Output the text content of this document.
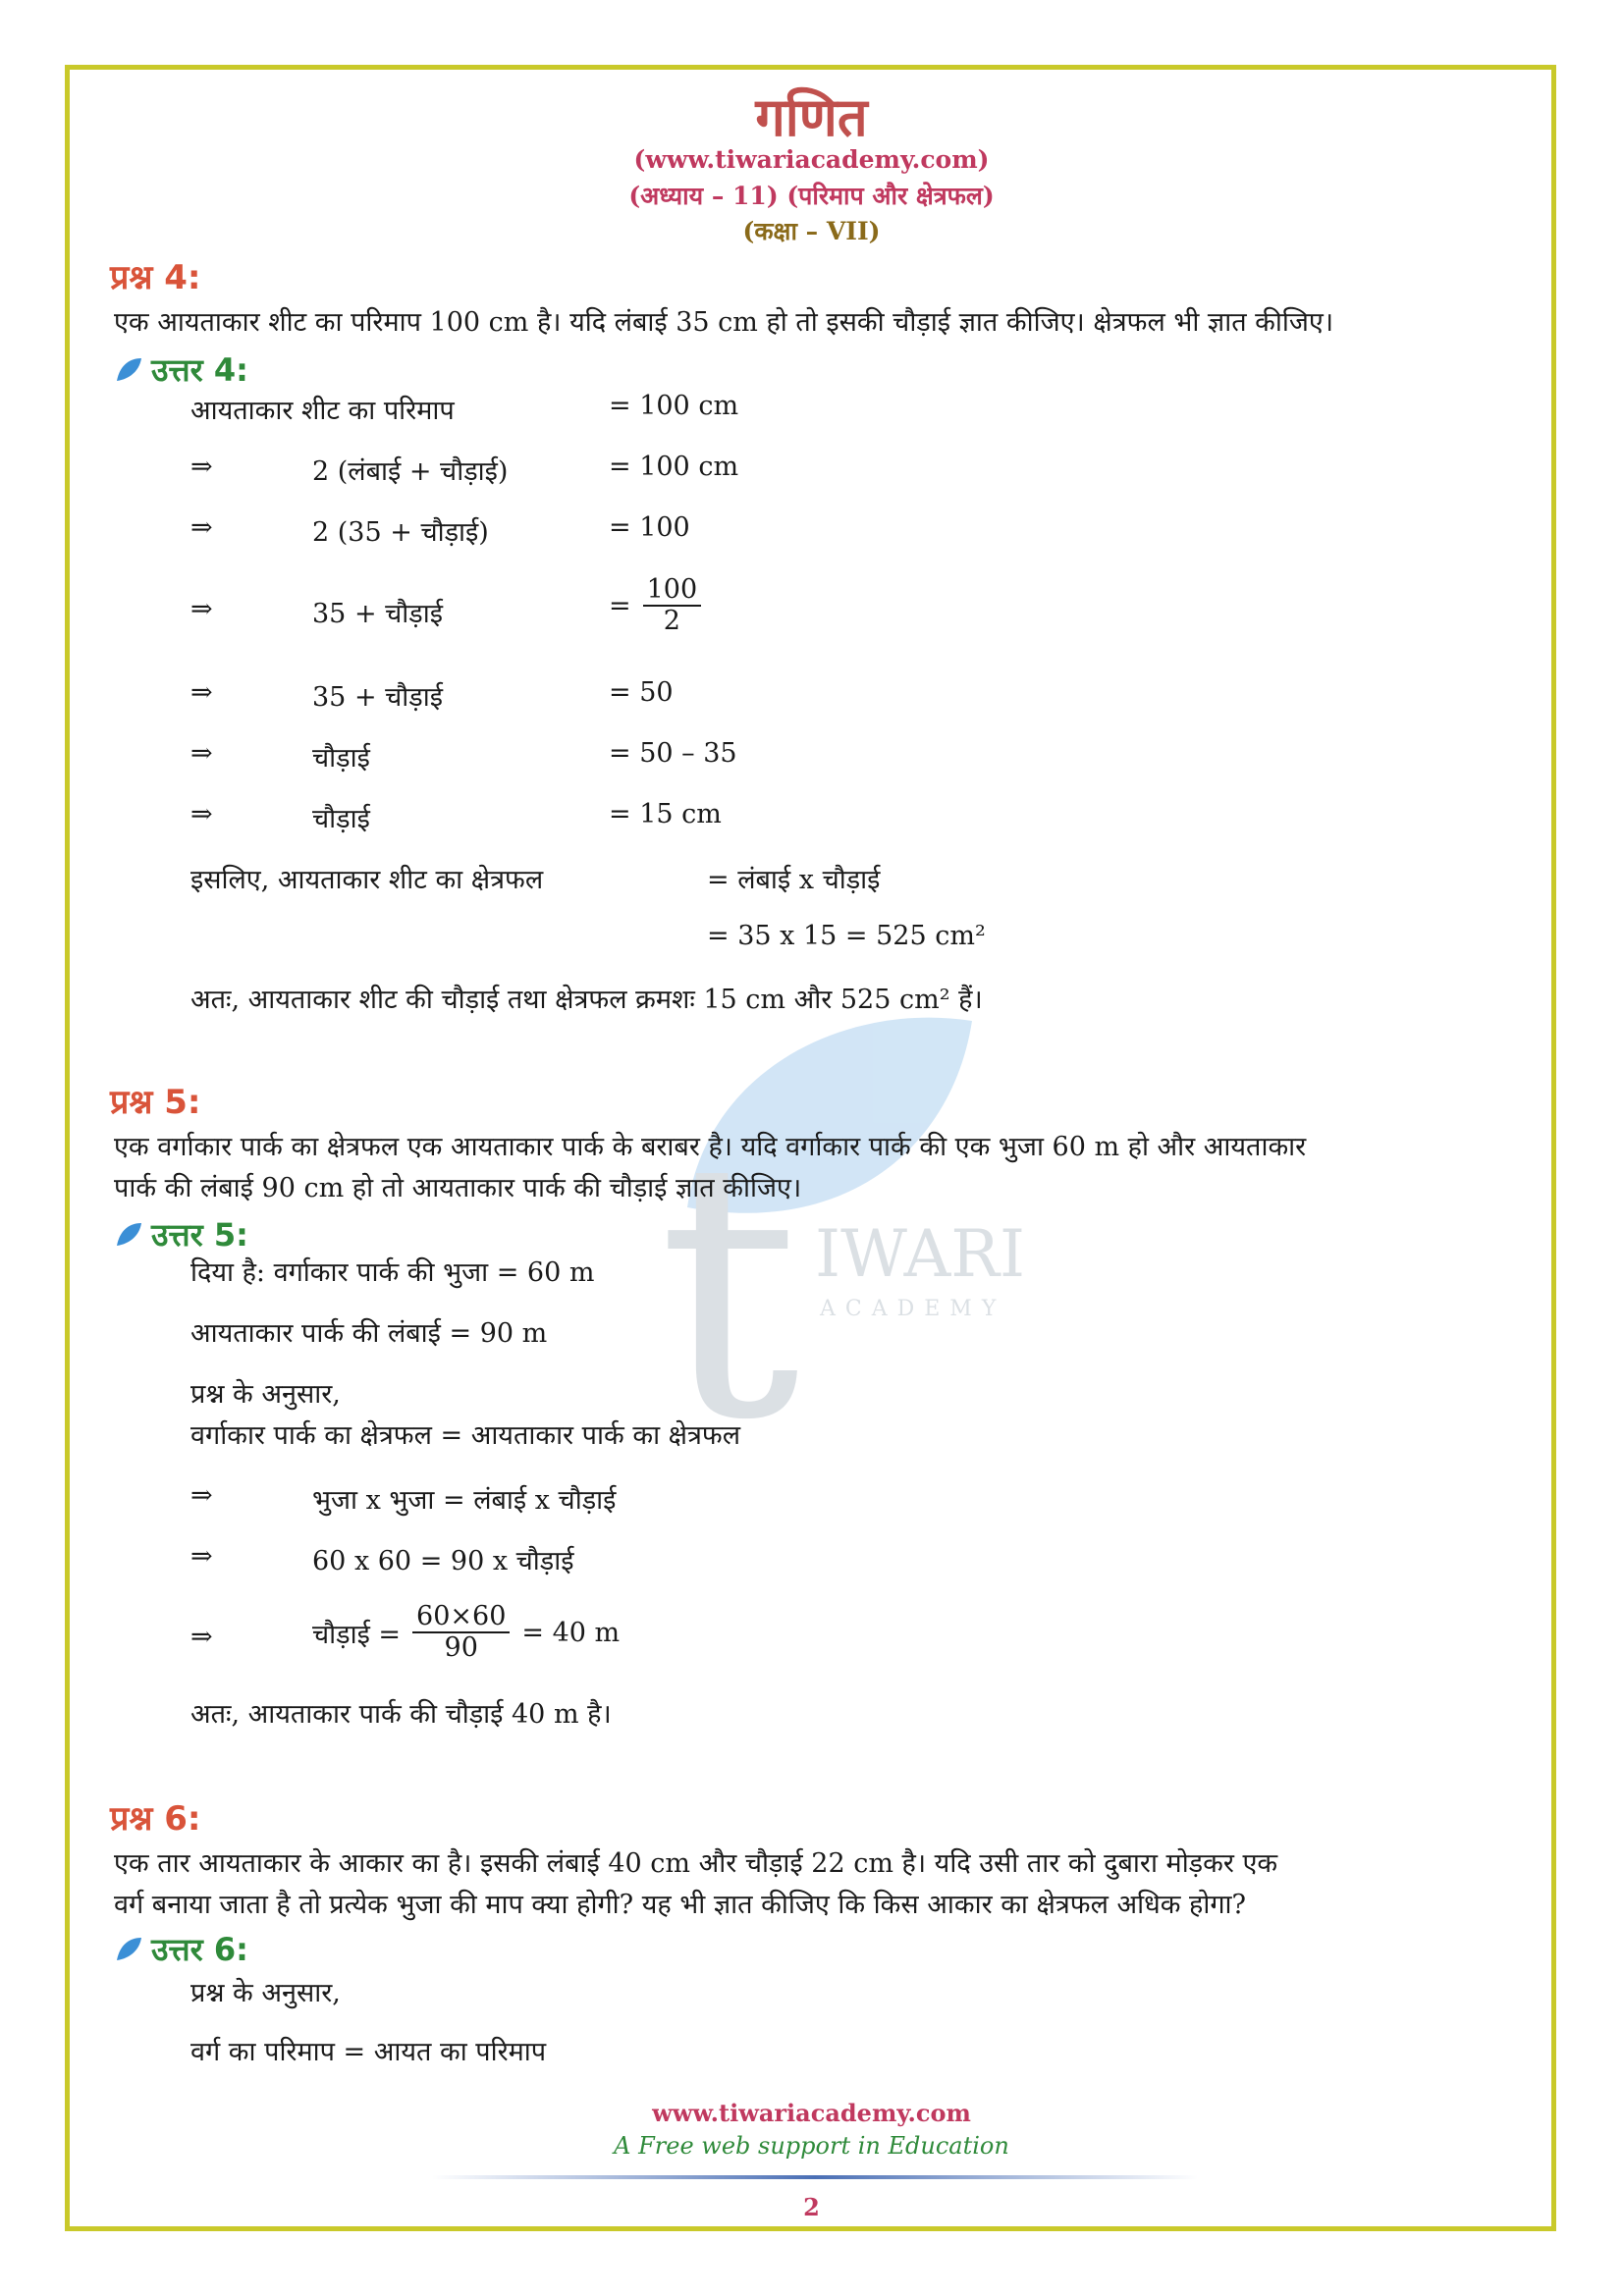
t IWARI
ACADEMY
गणित
(www.tiwariacademy.com)
(अध्याय – 11) (परिमाप और क्षेत्रफल)
(कक्षा – VII)
प्रश्न 4:
एक आयताकार शीट का परिमाप 100 cm है। यदि लंबाई 35 cm हो तो इसकी चौड़ाई ज्ञात कीजिए। क्षेत्रफल भी ज्ञात कीजिए।
उत्तर 4:
आयताकार शीट का परिमाप	= 100 cm
⇒	2 (लंबाई + चौड़ाई)	= 100 cm
⇒	2 (35 + चौड़ाई)	= 100
⇒	35 + चौड़ाई	= $\frac{100}{2}$
⇒	35 + चौड़ाई	= 50
⇒	चौड़ाई	= 50 – 35
⇒	चौड़ाई	= 15 cm
इसलिए, आयताकार शीट का क्षेत्रफल	= लंबाई x चौड़ाई
= 35 x 15 = 525 cm²
अतः, आयताकार शीट की चौड़ाई तथा क्षेत्रफल क्रमशः 15 cm और 525 cm² हैं।
प्रश्न 5:
एक वर्गाकार पार्क का क्षेत्रफल एक आयताकार पार्क के बराबर है। यदि वर्गाकार पार्क की एक भुजा 60 m हो और आयताकार
पार्क की लंबाई 90 cm हो तो आयताकार पार्क की चौड़ाई ज्ञात कीजिए।
उत्तर 5:
दिया है: वर्गाकार पार्क की भुजा = 60 m
आयताकार पार्क की लंबाई = 90 m
प्रश्न के अनुसार,
वर्गाकार पार्क का क्षेत्रफल = आयताकार पार्क का क्षेत्रफल
⇒	भुजा x भुजा = लंबाई x चौड़ाई
⇒	60 x 60 = 90 x चौड़ाई
⇒	चौड़ाई = $\frac{60\times 60}{90} = 40$ m
अतः, आयताकार पार्क की चौड़ाई 40 m है।
प्रश्न 6:
एक तार आयताकार के आकार का है। इसकी लंबाई 40 cm और चौड़ाई 22 cm है। यदि उसी तार को दुबारा मोड़कर एक
वर्ग बनाया जाता है तो प्रत्येक भुजा की माप क्या होगी? यह भी ज्ञात कीजिए कि किस आकार का क्षेत्रफल अधिक होगा?
उत्तर 6:
प्रश्न के अनुसार,
वर्ग का परिमाप = आयत का परिमाप
www.tiwariacademy.com
A Free web support in Education
2
